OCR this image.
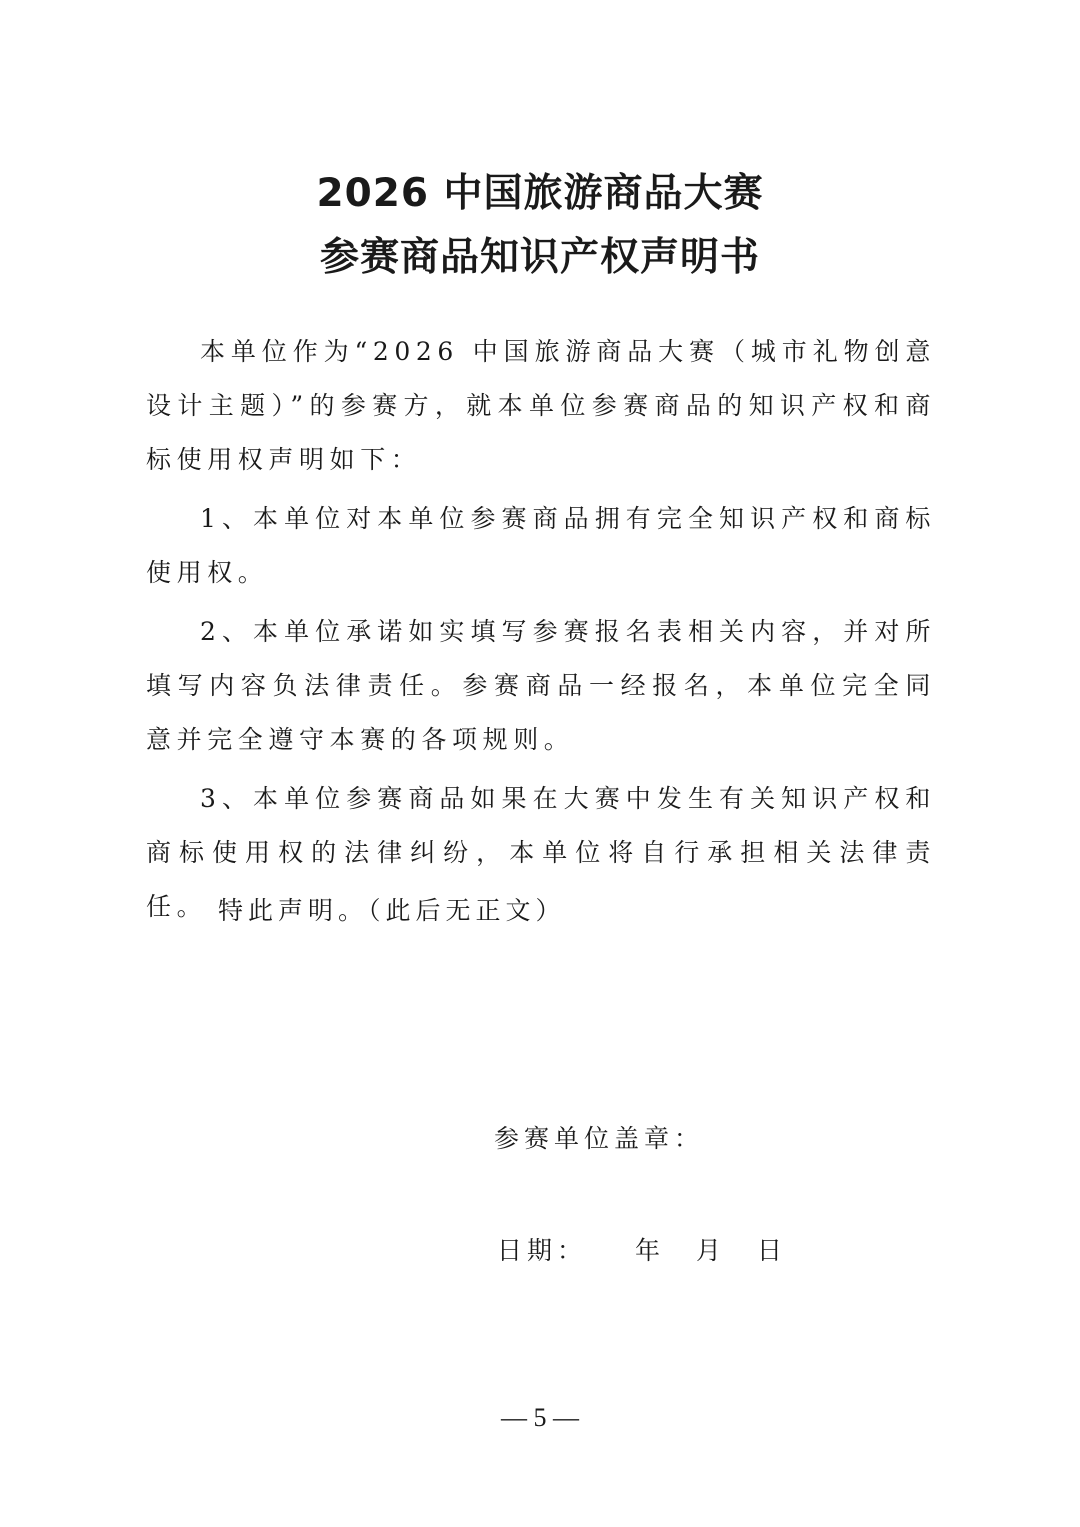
2026 中国旅游商品大赛
参赛商品知识产权声明书
本单位作为“2026 中国旅游商品大赛（城市礼物创意设计主题）”的参赛方，就本单位参赛商品的知识产权和商标使用权声明如下：
1、本单位对本单位参赛商品拥有完全知识产权和商标使用权。
2、本单位承诺如实填写参赛报名表相关内容，并对所填写内容负法律责任。参赛商品一经报名，本单位完全同意并完全遵守本赛的各项规则。
3、本单位参赛商品如果在大赛中发生有关知识产权和商标使用权的法律纠纷，本单位将自行承担相关法律责任。 特此声明。（此后无正文）
参赛单位盖章：
日期： 年 月 日
— 5 —
